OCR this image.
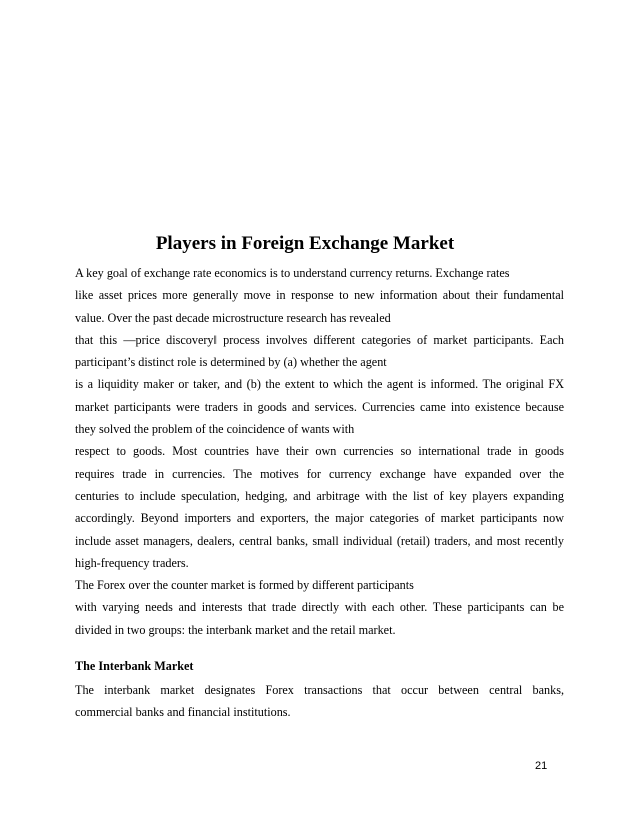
Players in Foreign Exchange Market
A key goal of exchange rate economics is to understand currency returns. Exchange rates
like asset prices more generally move in response to new information about their fundamental
value. Over the past decade microstructure research has revealed
that this —price discovery‖ process involves different categories of market participants. Each
participant’s distinct role is determined by (a) whether the agent
is a liquidity maker or taker, and (b) the extent to which the agent is informed. The original FX
market participants were traders in goods and services. Currencies came into existence because
they solved the problem of the coincidence of wants with
respect to goods. Most countries have their own currencies so international trade in goods
requires trade in currencies. The motives for currency exchange have expanded over the
centuries to include speculation, hedging, and arbitrage with the list of key players expanding
accordingly. Beyond importers and exporters, the major categories of market participants now
include asset managers, dealers, central banks, small individual (retail) traders, and most recently
high-frequency traders.
The Forex over the counter market is formed by different participants
with varying needs and interests that trade directly with each other. These participants can be
divided in two groups: the interbank market and the retail market.
The Interbank Market
The interbank market designates Forex transactions that occur between central banks,
commercial banks and financial institutions.
21
